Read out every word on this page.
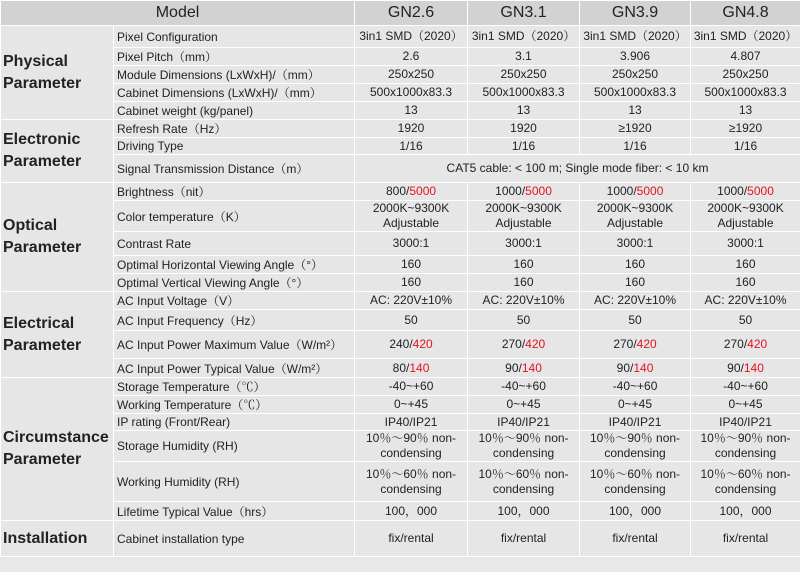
Model		GN2.6	GN3.1	GN3.9	GN4.8
Physical Parameter	Pixel Configuration	3in1 SMD（2020）	3in1 SMD（2020）	3in1 SMD（2020）	3in1 SMD（2020）
	Pixel Pitch（mm）	2.6	3.1	3.906	4.807
	Module Dimensions (LxWxH)/（mm）	250x250	250x250	250x250	250x250
	Cabinet Dimensions (LxWxH)/（mm）	500x1000x83.3	500x1000x83.3	500x1000x83.3	500x1000x83.3
	Cabinet weight (kg/panel)	13	13	13	13
Electronic Parameter	Refresh Rate（Hz）	1920	1920	≥1920	≥1920
	Driving Type	1/16	1/16	1/16	1/16
	Signal Transmission Distance（m）	CAT5 cable: < 100 m; Single mode fiber: < 10 km			
Optical Parameter	Brightness（nit）	800/5000	1000/5000	1000/5000	1000/5000
	Color temperature（K）	2000K~9300K Adjustable	2000K~9300K Adjustable	2000K~9300K Adjustable	2000K~9300K Adjustable
	Contrast Rate	3000:1	3000:1	3000:1	3000:1
	Optimal Horizontal Viewing Angle（°）	160	160	160	160
	Optimal Vertical Viewing Angle（°）	160	160	160	160
Electrical Parameter	AC Input Voltage（V）	AC: 220V±10%	AC: 220V±10%	AC: 220V±10%	AC: 220V±10%
	AC Input Frequency（Hz）	50	50	50	50
	AC Input Power Maximum Value（W/m²）	240/420	270/420	270/420	270/420
	AC Input Power Typical Value（W/m²）	80/140	90/140	90/140	90/140
Circumstance Parameter	Storage Temperature（℃）	-40~+60	-40~+60	-40~+60	-40~+60
	Working Temperature（℃）	0~+45	0~+45	0~+45	0~+45
	IP rating (Front/Rear)	IP40/IP21	IP40/IP21	IP40/IP21	IP40/IP21
	Storage Humidity (RH)	10％～90％ non-condensing	10％～90％ non-condensing	10％～90％ non-condensing	10％～90％ non-condensing
	Working Humidity (RH)	10％～60％ non-condensing	10％～60％ non-condensing	10％～60％ non-condensing	10％～60％ non-condensing
	Lifetime Typical Value（hrs）	100，000	100，000	100，000	100，000
Installation	Cabinet installation type	fix/rental	fix/rental	fix/rental	fix/rental
